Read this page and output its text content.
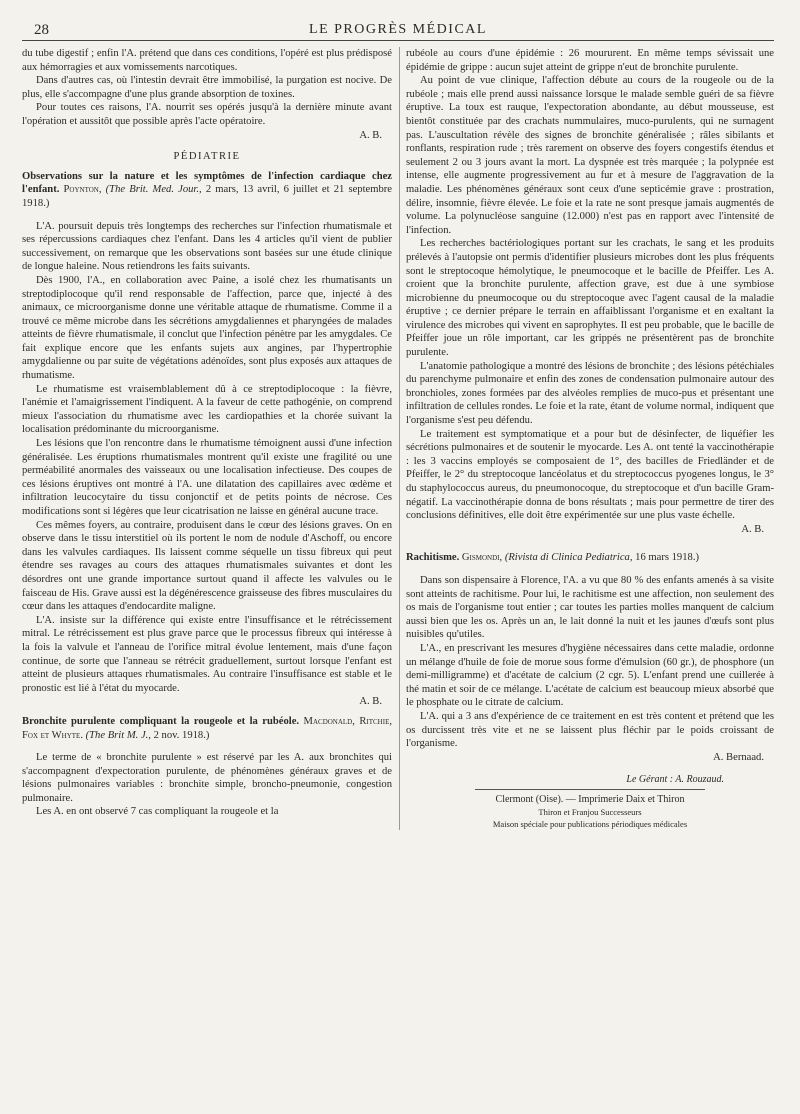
28	LE PROGRÈS MÉDICAL

du tube digestif ; enfin l'A. prétend que dans ces conditions, l'opéré est plus prédisposé aux hémorragies et aux vomissements narcotiques.

Dans d'autres cas, où l'intestin devrait être immobilisé, la purgation est nocive. De plus, elle s'accompagne d'une plus grande absorption de toxines.

Pour toutes ces raisons, l'A. nourrit ses opérés jusqu'à la dernière minute avant l'opération et aussitôt que possible après l'acte opératoire.

A. B.
PÉDIATRIE

Observations sur la nature et les symptômes de l'infection cardiaque chez l'enfant. Poynton, (The Brit. Med. Jour., 2 mars, 13 avril, 6 juillet et 21 septembre 1918.)

L'A. poursuit depuis très longtemps des recherches sur l'infection rhumatismale et ses répercussions cardiaques chez l'enfant. Dans les 4 articles qu'il vient de publier successivement, on remarque que les observations sont basées sur une étude clinique de longue haleine. Nous retiendrons les faits suivants.

Dès 1900, l'A., en collaboration avec Paine, a isolé chez les rhumatisants un streptodiplocoque qu'il rend responsable de l'affection, parce que, injecté à des animaux, ce microorganisme donne une véritable attaque de rhumatisme. Comme il a trouvé ce même microbe dans les sécrétions amygdaliennes et pharyngées de malades atteints de fièvre rhumatismale, il conclut que l'infection pénètre par les amygdales. Ce fait explique encore que les enfants sujets aux angines, par l'hypertrophie amygdalienne ou par suite de végétations adénoïdes, sont plus exposés aux attaques de rhumatisme.

Le rhumatisme est vraisemblablement dû à ce streptodiplocoque : la fièvre, l'anémie et l'amaigrissement l'indiquent. A la faveur de cette pathogénie, on comprend mieux l'association du rhumatisme avec les cardiopathies et la chorée suivant la localisation prédominante du microorganisme.

Les lésions que l'on rencontre dans le rhumatisme témoignent aussi d'une infection généralisée. Les éruptions rhumatismales montrent qu'il existe une fragilité ou une perméabilité anormales des vaisseaux ou une localisation infectieuse. Des coupes de ces lésions éruptives ont montré à l'A. une dilatation des capillaires avec œdème et infiltration leucocytaire du tissu conjonctif et de petits points de nécrose. Ces modifications sont si légères que leur cicatrisation ne laisse en général aucune trace.

Ces mêmes foyers, au contraire, produisent dans le cœur des lésions graves. On en observe dans le tissu interstitiel où ils portent le nom de nodule d'Aschoff, ou encore dans les valvules cardiaques. Ils laissent comme séquelle un tissu fibreux qui peut étendre ses ravages au cours des attaques rhumatismales suivantes et dont les désordres ont une grande importance surtout quand il affecte les valvules ou le faisceau de His. Grave aussi est la dégénérescence graisseuse des fibres musculaires du cœur dans les attaques d'endocardite maligne.

L'A. insiste sur la différence qui existe entre l'insuffisance et le rétrécissement mitral. Le rétrécissement est plus grave parce que le processus fibreux qui intéresse à la fois la valvule et l'anneau de l'orifice mitral évolue lentement, mais d'une façon continue, de sorte que l'anneau se rétrécit graduellement, surtout lorsque l'enfant est atteint de plusieurs attaques rhumatismales. Au contraire l'insuffisance est stable et le pronostic est lié à l'état du myocarde.

A. B.

Bronchite purulente compliquant la rougeole et la rubéole. Macdonald, Ritchie, Fox et Whyte. (The Brit M. J., 2 nov. 1918.)

Le terme de « bronchite purulente » est réservé par les A. aux bronchites qui s'accompagnent d'expectoration purulente, de phénomènes généraux graves et de lésions pulmonaires variables : bronchite simple, broncho-pneumonie, congestion pulmonaire.

Les A. en ont observé 7 cas compliquant la rougeole et la

rubéole au cours d'une épidémie : 26 moururent. En même temps sévissait une épidémie de grippe : aucun sujet atteint de grippe n'eut de bronchite purulente.

Au point de vue clinique, l'affection débute au cours de la rougeole ou de la rubéole ; mais elle prend aussi naissance lorsque le malade semble guéri de sa fièvre éruptive. La toux est rauque, l'expectoration abondante, au début mousseuse, est bientôt constituée par des crachats nummulaires, muco-purulents, qui ne surnagent pas. L'auscultation révèle des signes de bronchite généralisée ; râles sibilants et ronflants, respiration rude ; très rarement on observe des foyers congestifs étendus et seulement 2 ou 3 jours avant la mort. La dyspnée est très marquée ; la polypnée est intense, elle augmente progressivement au fur et à mesure de l'aggravation de la maladie. Les phénomènes généraux sont ceux d'une septicémie grave : prostration, délire, insomnie, fièvre élevée. Le foie et la rate ne sont presque jamais augmentés de volume. La polynucléose sanguine (12.000) n'est pas en rapport avec l'intensité de l'infection.

Les recherches bactériologiques portant sur les crachats, le sang et les produits prélevés à l'autopsie ont permis d'identifier plusieurs microbes dont les plus fréquents sont le streptocoque hémolytique, le pneumocoque et le bacille de Pfeiffer. Les A. croient que la bronchite purulente, affection grave, est due à une symbiose microbienne du pneumocoque ou du streptocoque avec l'agent causal de la maladie éruptive ; ce dernier prépare le terrain en affaiblissant l'organisme et en exaltant la virulence des microbes qui vivent en saprophytes. Il est peu probable, que le bacille de Pfeiffer joue un rôle important, car les grippés ne présentèrent pas de bronchite purulente.

L'anatomie pathologique a montré des lésions de bronchite ; des lésions pétéchiales du parenchyme pulmonaire et enfin des zones de condensation pulmonaire autour des bronchioles, zones formées par des alvéoles remplies de muco-pus et présentant une infiltration de cellules rondes. Le foie et la rate, étant de volume normal, indiquent que l'organisme s'est peu défendu.

Le traitement est symptomatique et a pour but de désinfecter, de liquéfier les sécrétions pulmonaires et de soutenir le myocarde. Les A. ont tenté la vaccinothérapie : les 3 vaccins employés se composaient de 1°, des bacilles de Friedländer et de Pfeiffer, le 2° du streptocoque lancéolatus et du streptococcus pyogenes longus, le 3° du staphylococcus aureus, du pneumonocoque, du streptocoque et d'un bacille Gram-négatif. La vaccinothérapie donna de bons résultats ; mais pour permettre de tirer des conclusions définitives, elle doit être expérimentée sur une plus vaste échelle.

A. B.

Rachitisme. Gismondi, (Rivista di Clinica Pediatrica, 16 mars 1918.)

Dans son dispensaire à Florence, l'A. a vu que 80 % des enfants amenés à sa visite sont atteints de rachitisme. Pour lui, le rachitisme est une affection, non seulement des os mais de l'organisme tout entier ; car toutes les parties molles manquent de calcium aussi bien que les os. Après un an, le lait donné la nuit et les jaunes d'œufs sont plus nuisibles qu'utiles.

L'A., en prescrivant les mesures d'hygiène nécessaires dans cette maladie, ordonne un mélange d'huile de foie de morue sous forme d'émulsion (60 gr.), de phosphore (un demi-milligramme) et d'acétate de calcium (2 cgr. 5). L'enfant prend une cuillerée à thé matin et soir de ce mélange. L'acétate de calcium est beaucoup mieux absorbé que le phosphate ou le citrate de calcium.

L'A. qui a 3 ans d'expérience de ce traitement en est très content et prétend que les os durcissent très vite et ne se laissent plus fléchir par le poids croissant de l'organisme.

A. Bernaad.
Le Gérant : A. Rouzaud.
Clermont (Oise). — Imprimerie Daix et Thiron
Thiron et Franjou Successeurs
Maison spéciale pour publications périodiques médicales
